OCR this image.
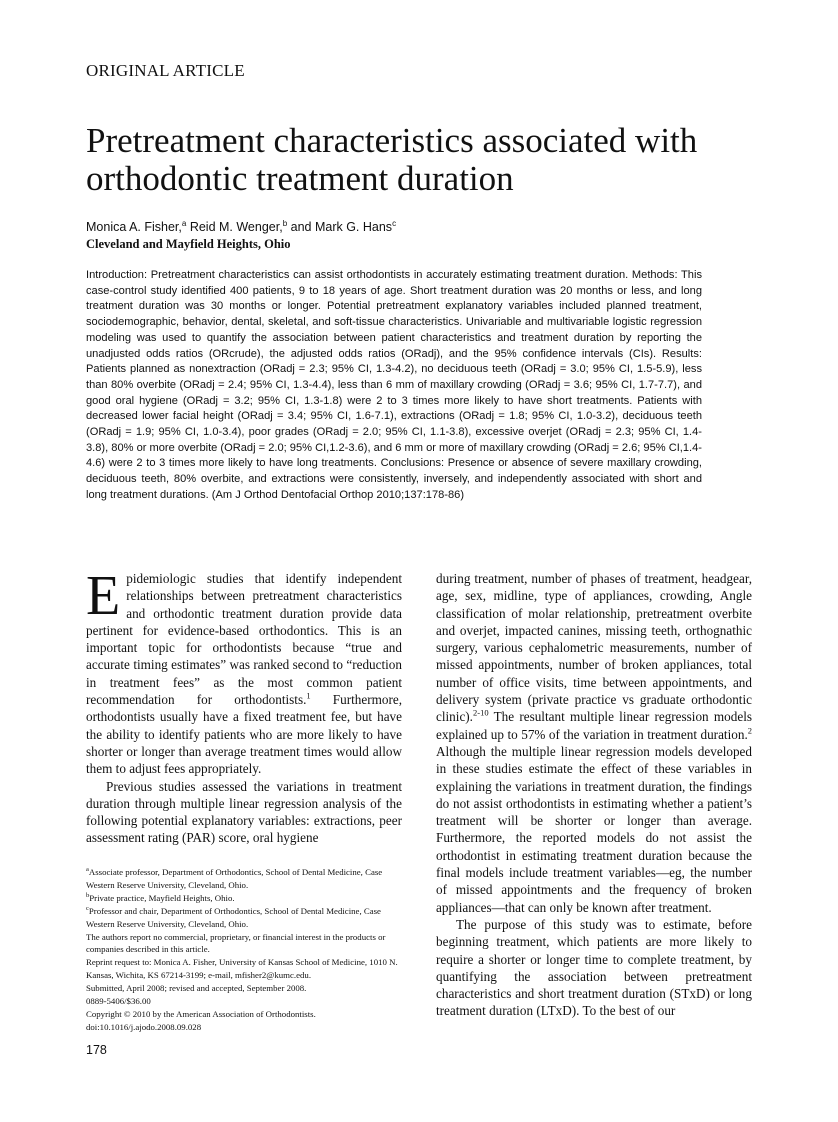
ORIGINAL ARTICLE
Pretreatment characteristics associated with
orthodontic treatment duration
Monica A. Fisher,$^a$ Reid M. Wenger,$^b$ and Mark G. Hans$^c$
Cleveland and Mayfield Heights, Ohio

Introduction: Pretreatment characteristics can assist orthodontists in accurately estimating treatment duration. Methods: This case-control study identified 400 patients, 9 to 18 years of age. Short treatment duration was 20 months or less, and long treatment duration was 30 months or longer. Potential pretreatment explanatory variables included planned treatment, sociodemographic, behavior, dental, skeletal, and soft-tissue characteristics. Univariable and multivariable logistic regression modeling was used to quantify the association between patient characteristics and treatment duration by reporting the unadjusted odds ratios (ORcrude), the adjusted odds ratios (ORadj), and the 95% confidence intervals (CIs). Results: Patients planned as nonextraction (ORadj = 2.3; 95% CI, 1.3-4.2), no deciduous teeth (ORadj = 3.0; 95% CI, 1.5-5.9), less than 80% overbite (ORadj = 2.4; 95% CI, 1.3-4.4), less than 6 mm of maxillary crowding (ORadj = 3.6; 95% CI, 1.7-7.7), and good oral hygiene (ORadj = 3.2; 95% CI, 1.3-1.8) were 2 to 3 times more likely to have short treatments. Patients with decreased lower facial height (ORadj = 3.4; 95% CI, 1.6-7.1), extractions (ORadj = 1.8; 95% CI, 1.0-3.2), deciduous teeth (ORadj = 1.9; 95% CI, 1.0-3.4), poor grades (ORadj = 2.0; 95% CI, 1.1-3.8), excessive overjet (ORadj = 2.3; 95% CI, 1.4-3.8), 80% or more overbite (ORadj = 2.0; 95% CI,1.2-3.6), and 6 mm or more of maxillary crowding (ORadj = 2.6; 95% CI,1.4-4.6) were 2 to 3 times more likely to have long treatments. Conclusions: Presence or absence of severe maxillary crowding, deciduous teeth, 80% overbite, and extractions were consistently, inversely, and independently associated with short and long treatment durations. (Am J Orthod Dentofacial Orthop 2010;137:178-86)

Epidemiologic studies that identify independent relationships between pretreatment characteristics and orthodontic treatment duration provide data pertinent for evidence-based orthodontics. This is an important topic for orthodontists because “true and accurate timing estimates” was ranked second to “reduction in treatment fees” as the most common patient recommendation for orthodontists.$^1$ Furthermore, orthodontists usually have a fixed treatment fee, but have the ability to identify patients who are more likely to have shorter or longer than average treatment times would allow them to adjust fees appropriately.

Previous studies assessed the variations in treatment duration through multiple linear regression analysis of the following potential explanatory variables: extractions, peer assessment rating (PAR) score, oral hygiene

during treatment, number of phases of treatment, headgear, age, sex, midline, type of appliances, crowding, Angle classification of molar relationship, pretreatment overbite and overjet, impacted canines, missing teeth, orthognathic surgery, various cephalometric measurements, number of missed appointments, number of broken appliances, total number of office visits, time between appointments, and delivery system (private practice vs graduate orthodontic clinic).$^{2-10}$ The resultant multiple linear regression models explained up to 57% of the variation in treatment duration.$^2$ Although the multiple linear regression models developed in these studies estimate the effect of these variables in explaining the variations in treatment duration, the findings do not assist orthodontists in estimating whether a patient’s treatment will be shorter or longer than average. Furthermore, the reported models do not assist the orthodontist in estimating treatment duration because the final models include treatment variables—eg, the number of missed appointments and the frequency of broken appliances—that can only be known after treatment.

The purpose of this study was to estimate, before beginning treatment, which patients are more likely to require a shorter or longer time to complete treatment, by quantifying the association between pretreatment characteristics and short treatment duration (STxD) or long treatment duration (LTxD). To the best of our

$^a$Associate professor, Department of Orthodontics, School of Dental Medicine, Case Western Reserve University, Cleveland, Ohio.

$^b$Private practice, Mayfield Heights, Ohio.

$^c$Professor and chair, Department of Orthodontics, School of Dental Medicine, Case Western Reserve University, Cleveland, Ohio.

The authors report no commercial, proprietary, or financial interest in the products or companies described in this article.

Reprint request to: Monica A. Fisher, University of Kansas School of Medicine, 1010 N. Kansas, Wichita, KS 67214-3199; e-mail, mfisher2@kumc.edu.

Submitted, April 2008; revised and accepted, September 2008.

0889-5406/$36.00

Copyright © 2010 by the American Association of Orthodontists.

doi:10.1016/j.ajodo.2008.09.028

178
